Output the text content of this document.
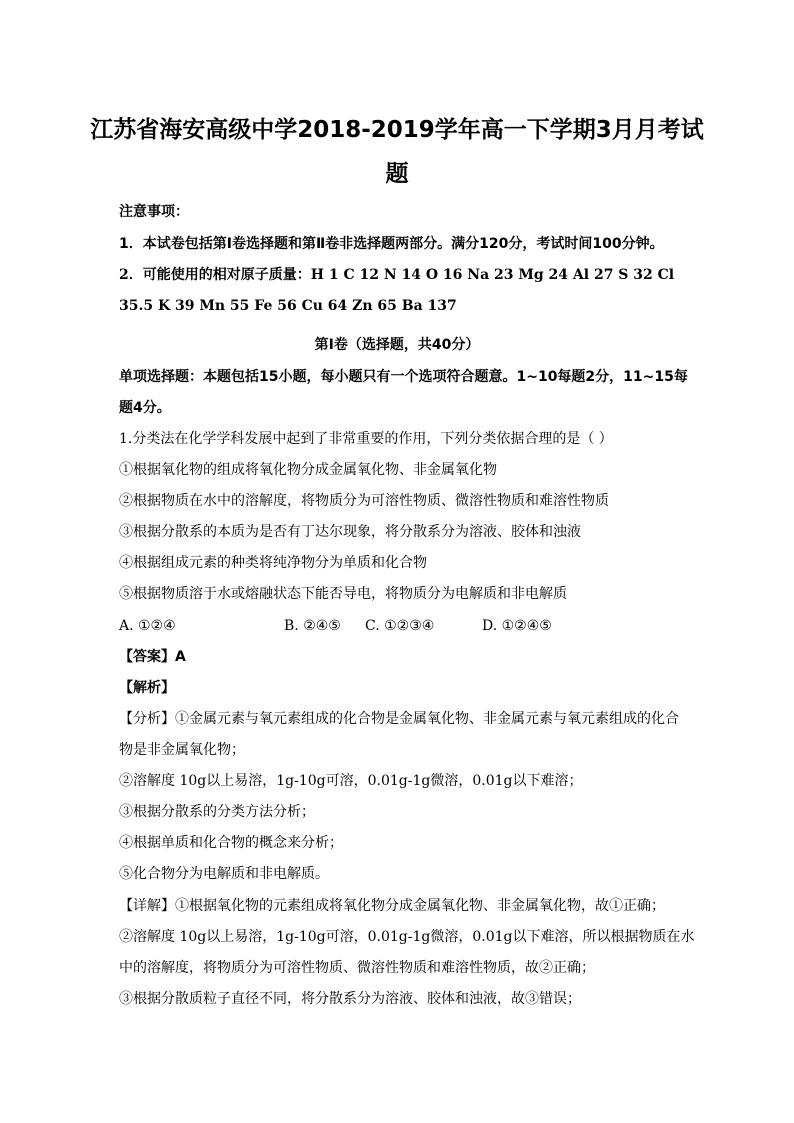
江苏省海安高级中学2018-2019学年高一下学期3月月考试
题
注意事项：
1．本试卷包括第Ⅰ卷选择题和第Ⅱ卷非选择题两部分。满分120分，考试时间100分钟。
2．可能使用的相对原子质量：H 1 C 12 N 14 O 16 Na 23 Mg 24 Al 27 S 32 Cl
35.5 K 39 Mn 55 Fe 56 Cu 64 Zn 65 Ba 137
第Ⅰ卷（选择题，共40分）
单项选择题：本题包括15小题，每小题只有一个选项符合题意。1~10每题2分，11~15每
题4分。
1.分类法在化学学科发展中起到了非常重要的作用，下列分类依据合理的是（ ）
①根据氧化物的组成将氧化物分成金属氧化物、非金属氧化物
②根据物质在水中的溶解度，将物质分为可溶性物质、微溶性物质和难溶性物质
③根据分散系的本质为是否有丁达尔现象，将分散系分为溶液、胶体和浊液
④根据组成元素的种类将纯净物分为单质和化合物
⑤根据物质溶于水或熔融状态下能否导电，将物质分为电解质和非电解质
A. ①②④	B. ②④⑤ C. ①②③④	D. ①②④⑤
【答案】A
【解析】
【分析】①金属元素与氧元素组成的化合物是金属氧化物、非金属元素与氧元素组成的化合
物是非金属氧化物；
②溶解度 10g以上易溶，1g-10g可溶，0.01g-1g微溶，0.01g以下难溶；
③根据分散系的分类方法分析；
④根据单质和化合物的概念来分析；
⑤化合物分为电解质和非电解质。
【详解】①根据氧化物的元素组成将氧化物分成金属氧化物、非金属氧化物，故①正确；
②溶解度 10g以上易溶，1g-10g可溶，0.01g-1g微溶，0.01g以下难溶，所以根据物质在水
中的溶解度，将物质分为可溶性物质、微溶性物质和难溶性物质，故②正确；
③根据分散质粒子直径不同，将分散系分为溶液、胶体和浊液，故③错误；
